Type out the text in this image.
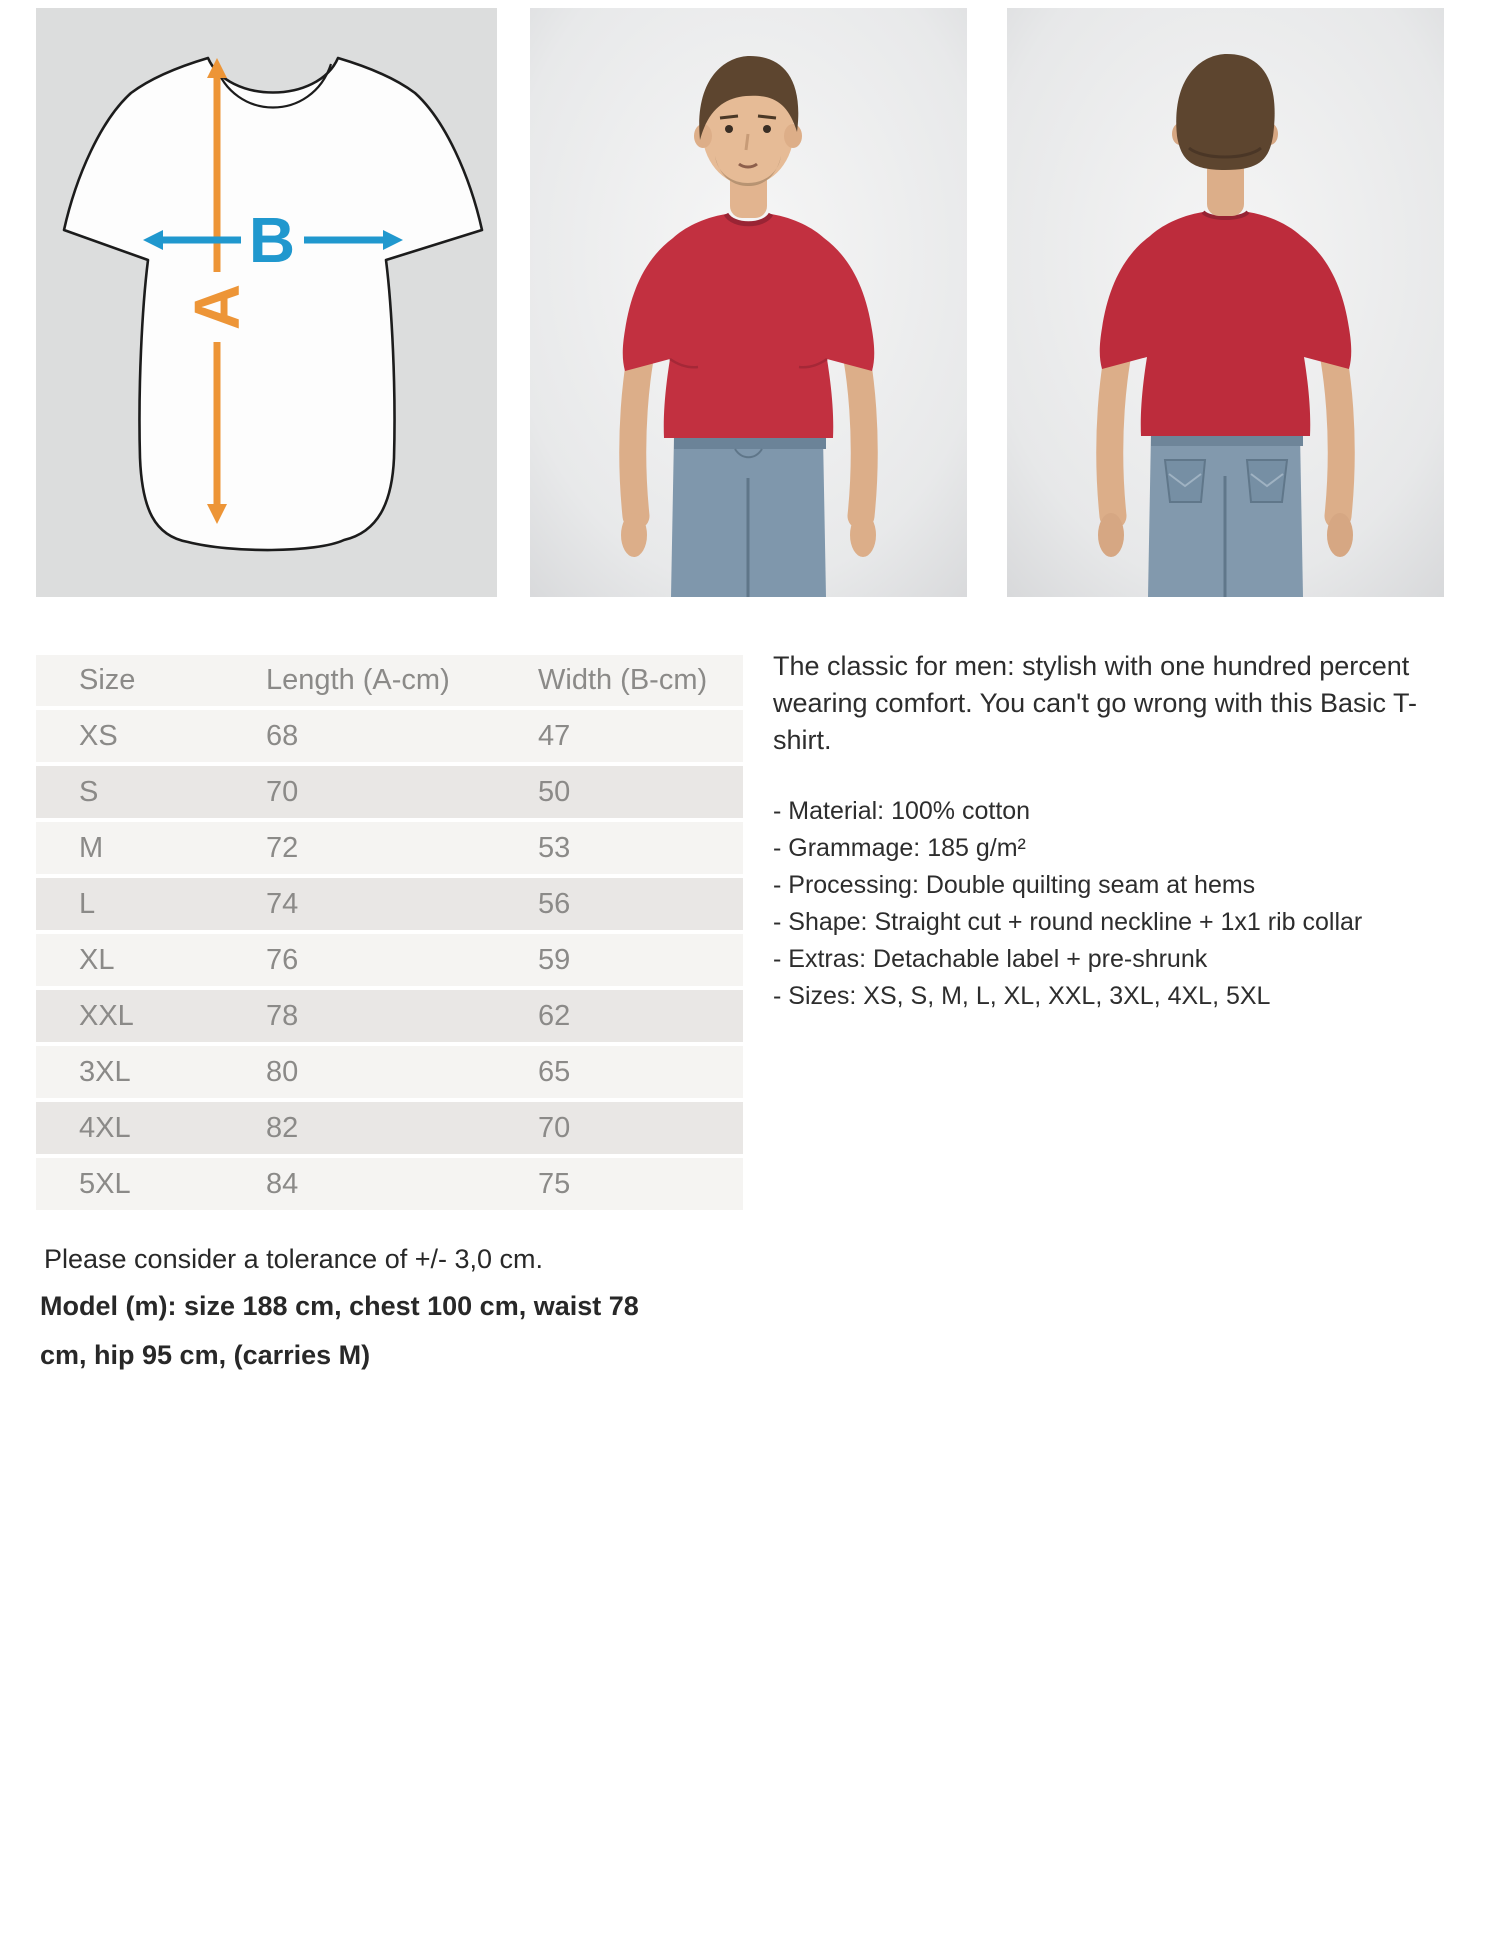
A
B
Size	Length (A-cm)	Width (B-cm)
XS	68	47
S	70	50
M	72	53
L	74	56
XL	76	59
XXL	78	62
3XL	80	65
4XL	82	70
5XL	84	75
The classic for men: stylish with one hundred percent wearing comfort. You can't go wrong with this Basic T-shirt.
- Material: 100% cotton
- Grammage: 185 g/m²
- Processing: Double quilting seam at hems
- Shape: Straight cut + round neckline + 1x1 rib collar
- Extras: Detachable label + pre-shrunk
- Sizes: XS, S, M, L, XL, XXL, 3XL, 4XL, 5XL
Please consider a tolerance of +/- 3,0 cm.
Model (m): size 188 cm, chest 100 cm, waist 78 cm, hip 95 cm, (carries M)
